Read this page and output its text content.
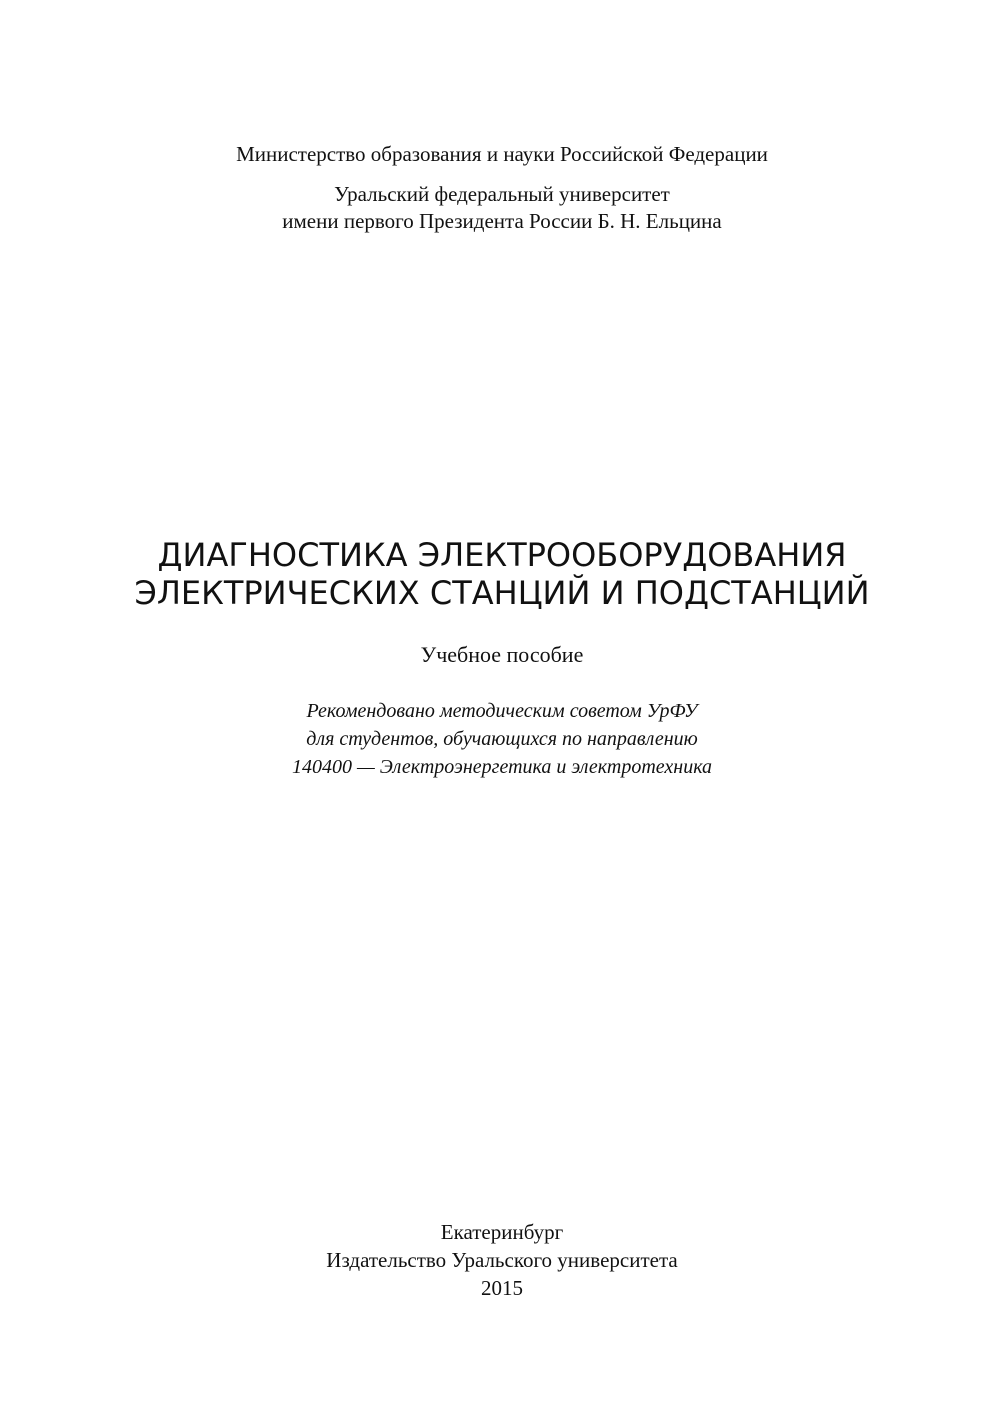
Министерство образования и науки Российской Федерации

Уральский федеральный университет

имени первого Президента России Б. Н. Ельцина

ДИАГНОСТИКА ЭЛЕКТРООБОРУДОВАНИЯ
ЭЛЕКТРИЧЕСКИХ СТАНЦИЙ И ПОДСТАНЦИЙ

Учебное пособие

Рекомендовано методическим советом УрФУ

для студентов, обучающихся по направлению

140400 — Электроэнергетика и электротехника

Екатеринбург

Издательство Уральского университета

2015
